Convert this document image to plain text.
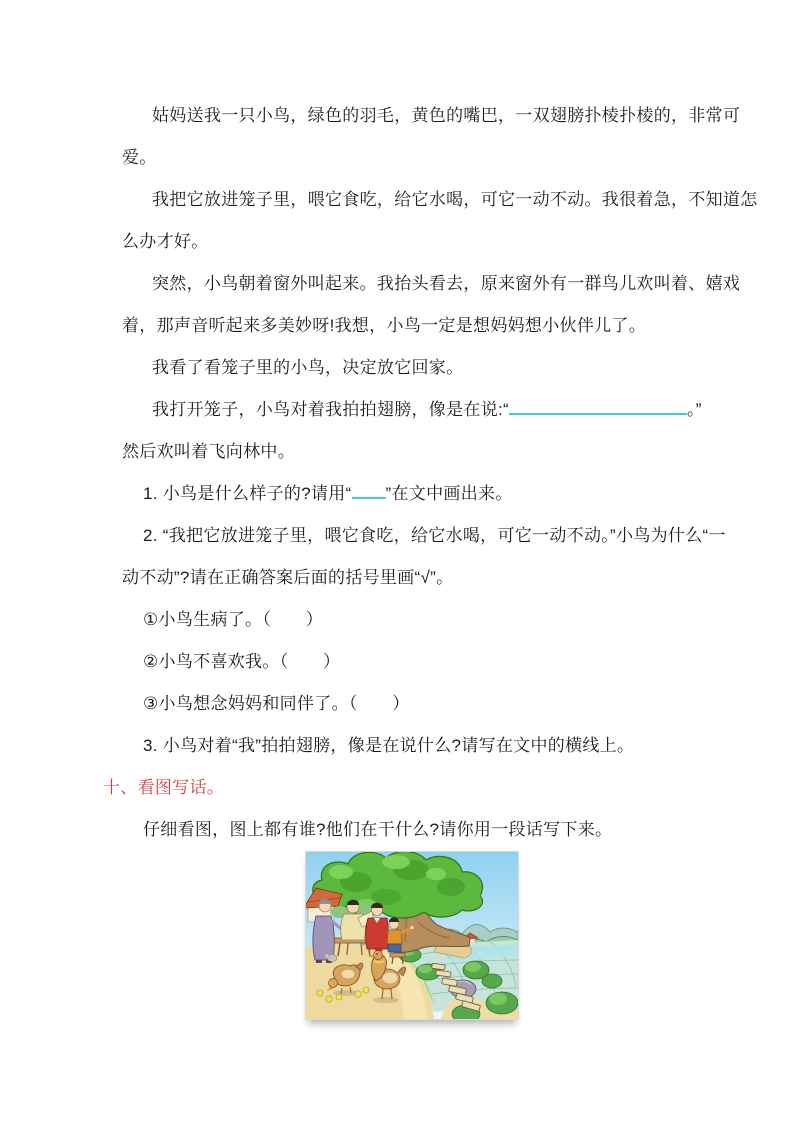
姑妈送我一只小鸟，绿色的羽毛，黄色的嘴巴，一双翅膀扑棱扑棱的，非常可
爱。
我把它放进笼子里，喂它食吃，给它水喝，可它一动不动。我很着急，不知道怎
么办才好。
突然，小鸟朝着窗外叫起来。我抬头看去，原来窗外有一群鸟儿欢叫着、嬉戏
着，那声音听起来多美妙呀!我想，小鸟一定是想妈妈想小伙伴儿了。
我看了看笼子里的小鸟，决定放它回家。
我打开笼子，小鸟对着我拍拍翅膀，像是在说:“	。”
然后欢叫着飞向林中。
1. 小鸟是什么样子的?请用“ ”在文中画出来。
2. “我把它放进笼子里，喂它食吃，给它水喝，可它一动不动。”小鸟为什么“一
动不动”?请在正确答案后面的括号里画“√”。
①小鸟生病了。（　　）
②小鸟不喜欢我。（　　）
③小鸟想念妈妈和同伴了。（　　）
3. 小鸟对着“我”拍拍翅膀，像是在说什么?请写在文中的横线上。
十、看图写话。
仔细看图，图上都有谁?他们在干什么?请你用一段话写下来。
